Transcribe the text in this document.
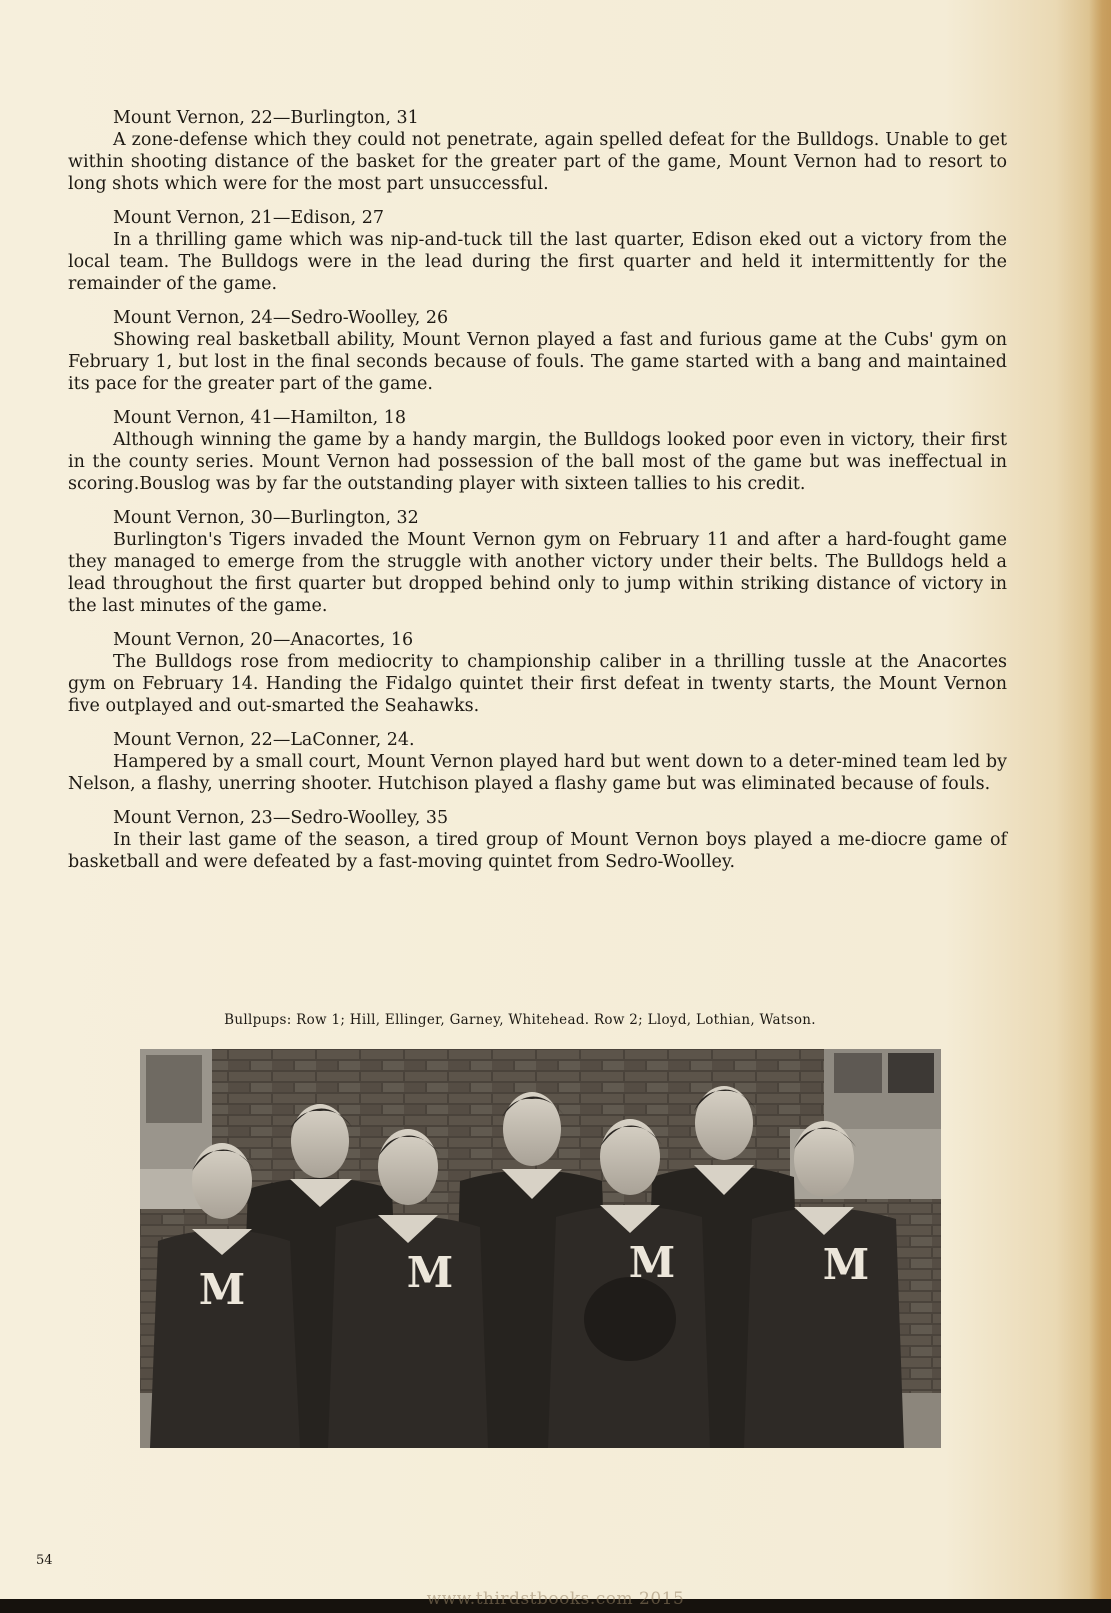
Mount Vernon, 22—Burlington, 31
A zone-defense which they could not penetrate, again spelled defeat for the Bulldogs. Unable to get within shooting distance of the basket for the greater part of the game, Mount Vernon had to resort to long shots which were for the most part unsuccessful.
Mount Vernon, 21—Edison, 27
In a thrilling game which was nip-and-tuck till the last quarter, Edison eked out a victory from the local team. The Bulldogs were in the lead during the first quarter and held it intermittently for the remainder of the game.
Mount Vernon, 24—Sedro-Woolley, 26
Showing real basketball ability, Mount Vernon played a fast and furious game at the Cubs' gym on February 1, but lost in the final seconds because of fouls. The game started with a bang and maintained its pace for the greater part of the game.
Mount Vernon, 41—Hamilton, 18
Although winning the game by a handy margin, the Bulldogs looked poor even in victory, their first in the county series. Mount Vernon had possession of the ball most of the game but was ineffectual in scoring.Bouslog was by far the outstanding player with sixteen tallies to his credit.
Mount Vernon, 30—Burlington, 32
Burlington's Tigers invaded the Mount Vernon gym on February 11 and after a hard-fought game they managed to emerge from the struggle with another victory under their belts. The Bulldogs held a lead throughout the first quarter but dropped behind only to jump within striking distance of victory in the last minutes of the game.
Mount Vernon, 20—Anacortes, 16
The Bulldogs rose from mediocrity to championship caliber in a thrilling tussle at the Anacortes gym on February 14. Handing the Fidalgo quintet their first defeat in twenty starts, the Mount Vernon five outplayed and out-smarted the Seahawks.
Mount Vernon, 22—LaConner, 24.
Hampered by a small court, Mount Vernon played hard but went down to a deter-mined team led by Nelson, a flashy, unerring shooter. Hutchison played a flashy game but was eliminated because of fouls.
Mount Vernon, 23—Sedro-Woolley, 35
In their last game of the season, a tired group of Mount Vernon boys played a me-diocre game of basketball and were defeated by a fast-moving quintet from Sedro-Woolley.
Bullpups: Row 1; Hill, Ellinger, Garney, Whitehead. Row 2; Lloyd, Lothian, Watson.
M	M	M	M
54
www.thirdstbooks.com 2015
